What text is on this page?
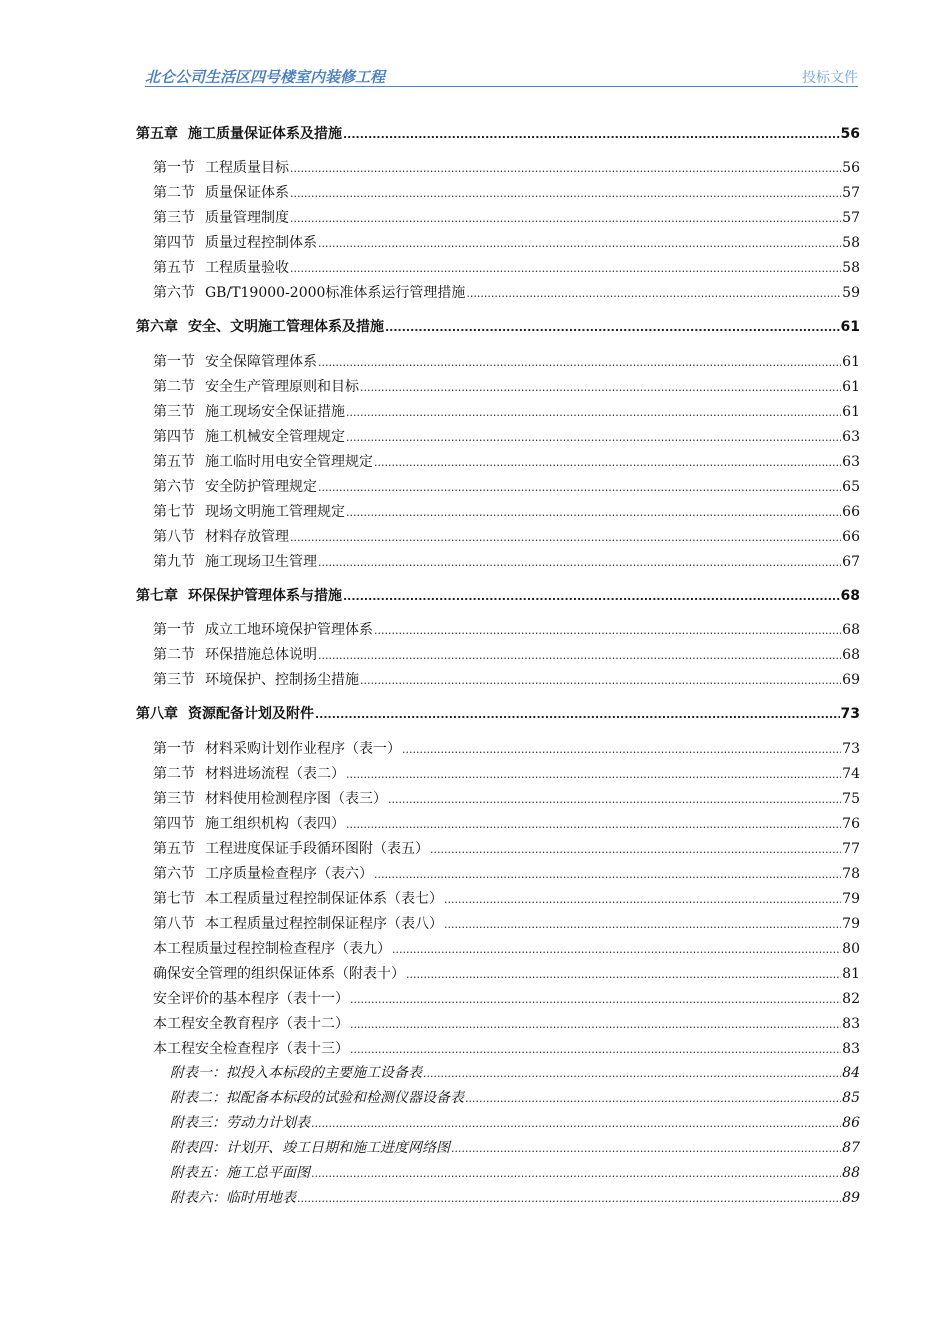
北仑公司生活区四号楼室内装修工程	投标文件
第五章 施工质量保证体系及措施 .....	56
第一节 工程质量目标 .....	56
第二节 质量保证体系 .....	57
第三节 质量管理制度 .....	57
第四节 质量过程控制体系 .....	58
第五节 工程质量验收 .....	58
第六节 GB/T19000-2000标准体系运行管理措施 .....	59
第六章 安全、文明施工管理体系及措施 .....	61
第一节 安全保障管理体系 .....	61
第二节 安全生产管理原则和目标 .....	61
第三节 施工现场安全保证措施 .....	61
第四节 施工机械安全管理规定 .....	63
第五节 施工临时用电安全管理规定 .....	63
第六节 安全防护管理规定 .....	65
第七节 现场文明施工管理规定 .....	66
第八节 材料存放管理 .....	66
第九节 施工现场卫生管理 .....	67
第七章 环保保护管理体系与措施 .....	68
第一节 成立工地环境保护管理体系 .....	68
第二节 环保措施总体说明 .....	68
第三节 环境保护、控制扬尘措施 .....	69
第八章 资源配备计划及附件 .....	73
第一节 材料采购计划作业程序（表一） .....	73
第二节 材料进场流程（表二） .....	74
第三节 材料使用检测程序图（表三） .....	75
第四节 施工组织机构（表四） .....	76
第五节 工程进度保证手段循环图附（表五） .....	77
第六节 工序质量检查程序（表六） .....	78
第七节 本工程质量过程控制保证体系（表七） .....	79
第八节 本工程质量过程控制保证程序（表八） .....	79
本工程质量过程控制检查程序（表九） .....	80
确保安全管理的组织保证体系（附表十） .....	81
安全评价的基本程序（表十一） .....	82
本工程安全教育程序（表十二） .....	83
本工程安全检查程序（表十三） .....	83
附表一：拟投入本标段的主要施工设备表 .....	84
附表二：拟配备本标段的试验和检测仪器设备表 .....	85
附表三：劳动力计划表 .....	86
附表四：计划开、竣工日期和施工进度网络图 .....	87
附表五：施工总平面图 .....	88
附表六：临时用地表 .....	89
